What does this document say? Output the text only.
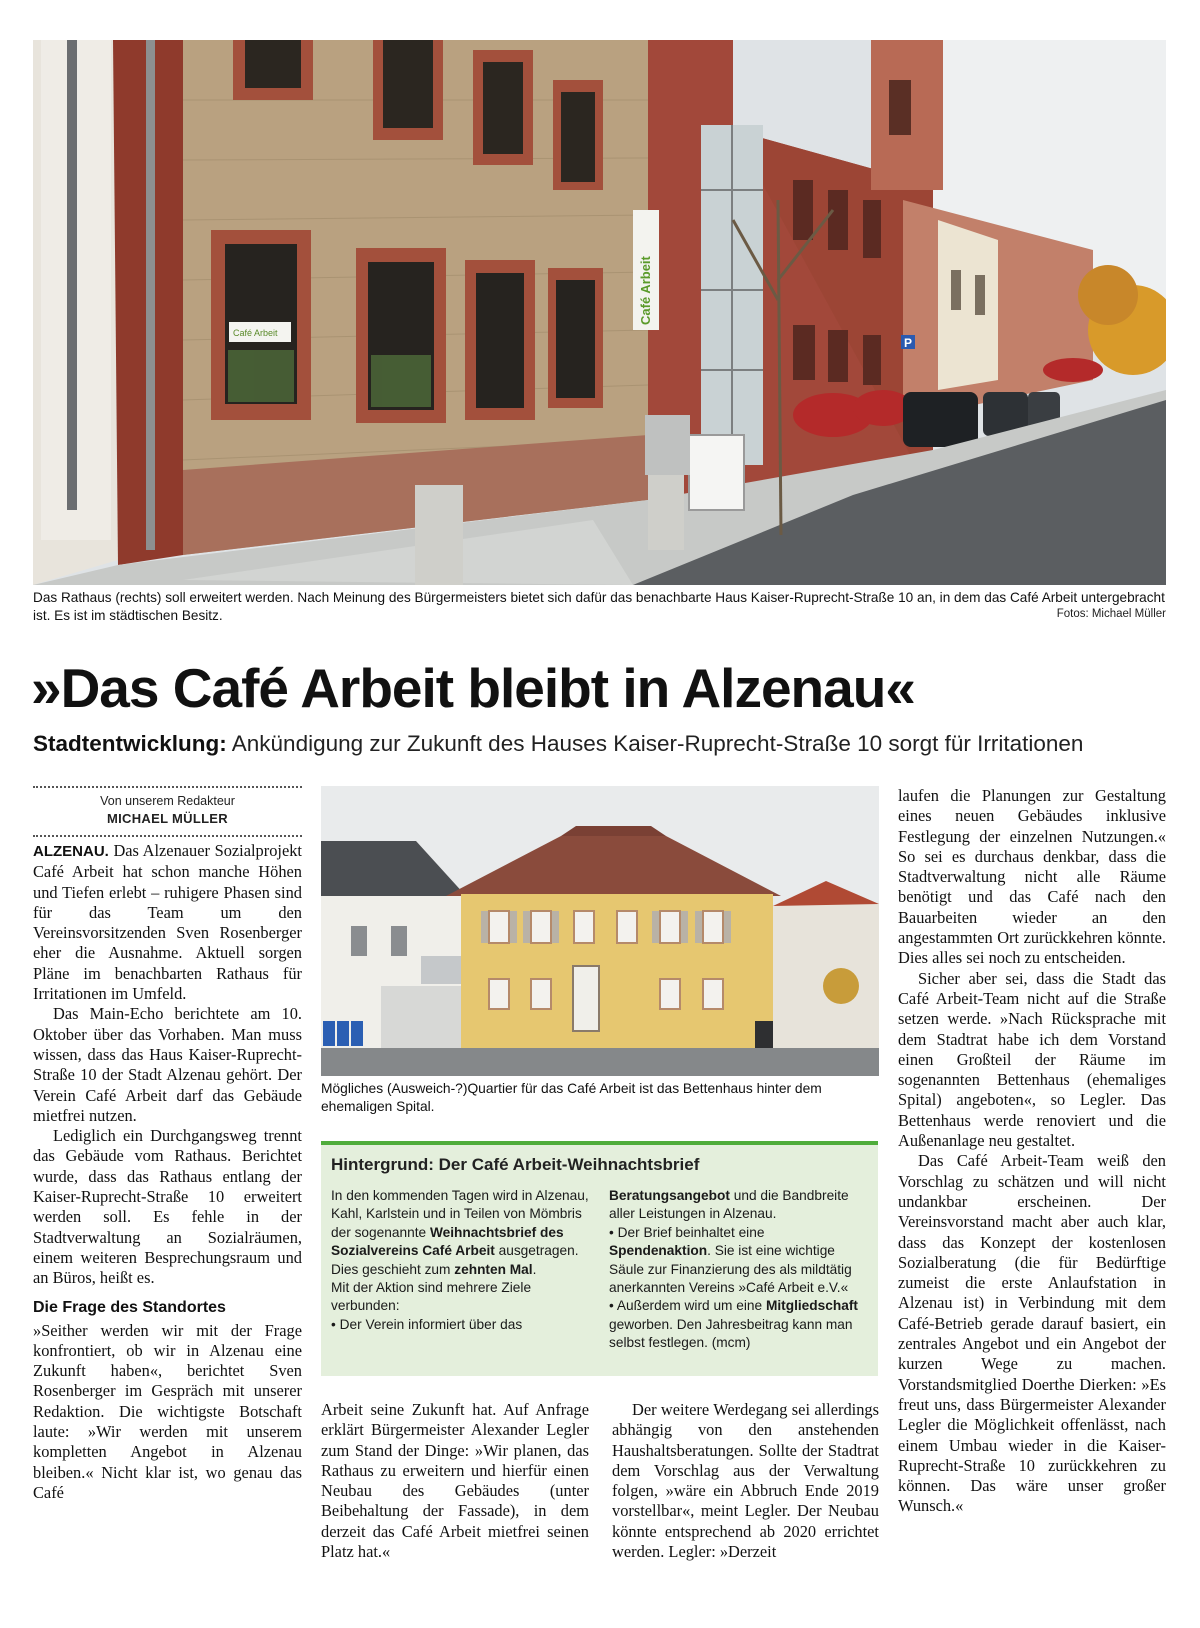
Café Arbeit
Café Arbeit
P
Das Rathaus (rechts) soll erweitert werden. Nach Meinung des Bürgermeisters bietet sich dafür das benachbarte Haus Kaiser-Ruprecht-Straße 10 an, in dem das Café Arbeit untergebracht ist. Es ist im städtischen Besitz.	Fotos: Michael Müller
»Das Café Arbeit bleibt in Alzenau«
Stadtentwicklung: Ankündigung zur Zukunft des Hauses Kaiser-Ruprecht-Straße 10 sorgt für Irritationen
Von unserem Redakteur
MICHAEL MÜLLER

ALZENAU. Das Alzenauer Sozialprojekt Café Arbeit hat schon manche Höhen und Tiefen erlebt – ruhigere Phasen sind für das Team um den Vereinsvorsitzenden Sven Rosenberger eher die Ausnahme. Aktuell sorgen Pläne im benachbarten Rathaus für Irritationen im Umfeld.

Das Main-Echo berichtete am 10. Oktober über das Vorhaben. Man muss wissen, dass das Haus Kaiser-Ruprecht-Straße 10 der Stadt Alzenau gehört. Der Verein Café Arbeit darf das Gebäude mietfrei nutzen.

Lediglich ein Durchgangsweg trennt das Gebäude vom Rathaus. Berichtet wurde, dass das Rathaus entlang der Kaiser-Ruprecht-Straße 10 erweitert werden soll. Es fehle in der Stadtverwaltung an Sozialräumen, einem weiteren Besprechungsraum und an Büros, heißt es.

Die Frage des Standortes

»Seither werden wir mit der Frage konfrontiert, ob wir in Alzenau eine Zukunft haben«, berichtet Sven Rosenberger im Gespräch mit unserer Redaktion. Die wichtigste Botschaft laute: »Wir werden mit unserem kompletten Angebot in Alzenau bleiben.« Nicht klar ist, wo genau das Café

Mögliches (Ausweich-?)Quartier für das Café Arbeit ist das Bettenhaus hinter dem ehemaligen Spital.
Hintergrund: Der Café Arbeit-Weihnachtsbrief

In den kommenden Tagen wird in Alzenau, Kahl, Karlstein und in Teilen von Mömbris der sogenannte Weihnachtsbrief des Sozialvereins Café Arbeit ausgetragen. Dies geschieht zum zehnten Mal.

Mit der Aktion sind mehrere Ziele verbunden:

• Der Verein informiert über das

Beratungsangebot und die Bandbreite aller Leistungen in Alzenau.

• Der Brief beinhaltet eine Spendenaktion. Sie ist eine wichtige Säule zur Finanzierung des als mildtätig anerkannten Vereins »Café Arbeit e.V.«

• Außerdem wird um eine Mitgliedschaft geworben. Den Jahresbeitrag kann man selbst festlegen. (mcm)

Arbeit seine Zukunft hat. Auf Anfrage erklärt Bürgermeister Alexander Legler zum Stand der Dinge: »Wir planen, das Rathaus zu erweitern und hierfür einen Neubau des Gebäudes (unter Beibehaltung der Fassade), in dem derzeit das Café Arbeit mietfrei seinen Platz hat.«

Der weitere Werdegang sei allerdings abhängig von den anstehenden Haushaltsberatungen. Sollte der Stadtrat dem Vorschlag aus der Verwaltung folgen, »wäre ein Abbruch Ende 2019 vorstellbar«, meint Legler. Der Neubau könnte entsprechend ab 2020 errichtet werden. Legler: »Derzeit

laufen die Planungen zur Gestaltung eines neuen Gebäudes inklusive Festlegung der einzelnen Nutzungen.« So sei es durchaus denkbar, dass die Stadtverwaltung nicht alle Räume benötigt und das Café nach den Bauarbeiten wieder an den angestammten Ort zurückkehren könnte. Dies alles sei noch zu entscheiden.

Sicher aber sei, dass die Stadt das Café Arbeit-Team nicht auf die Straße setzen werde. »Nach Rücksprache mit dem Stadtrat habe ich dem Vorstand einen Großteil der Räume im sogenannten Bettenhaus (ehemaliges Spital) angeboten«, so Legler. Das Bettenhaus werde renoviert und die Außenanlage neu gestaltet.

Das Café Arbeit-Team weiß den Vorschlag zu schätzen und will nicht undankbar erscheinen. Der Vereinsvorstand macht aber auch klar, dass das Konzept der kostenlosen Sozialberatung (die für Bedürftige zumeist die erste Anlaufstation in Alzenau ist) in Verbindung mit dem Café-Betrieb gerade darauf basiert, ein zentrales Angebot und ein Angebot der kurzen Wege zu machen. Vorstandsmitglied Doerthe Dierken: »Es freut uns, dass Bürgermeister Alexander Legler die Möglichkeit offenlässt, nach einem Umbau wieder in die Kaiser-Ruprecht-Straße 10 zurückkehren zu können. Das wäre unser großer Wunsch.«
